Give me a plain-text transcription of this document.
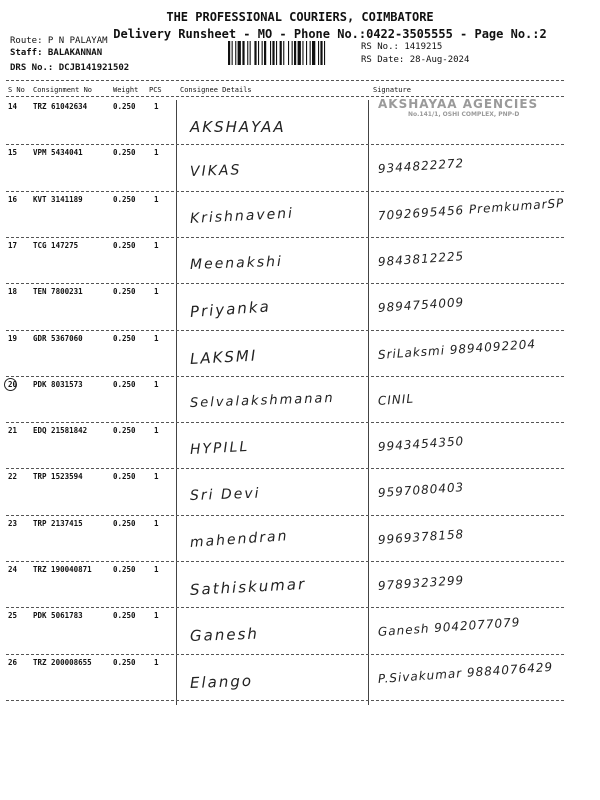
THE PROFESSIONAL COURIERS, COIMBATORE
Delivery Runsheet - MO - Phone No.:0422-3505555 - Page No.:2
Route: P N PALAYAM
Staff: BALAKANNAN
DRS No.: DCJB141921502
RS No.: 1419215
RS Date: 28-Aug-2024
S No Consignment No	Weight PCS	Consignee Details	Signature
14 TRZ 61042634	0.250 1
AKSHAYAA
15 VPM 5434041	0.250 1
VIKAS	9344822272
16 KVT 3141189	0.250 1
Krishnaveni	7092695456 PremkumarSP
17 TCG 147275	0.250 1
Meenakshi	9843812225
18 TEN 7800231	0.250 1
Priyanka	9894754009
19 GDR 5367060	0.250 1
LAKSMI	SriLaksmi 9894092204
20 PDK 8031573	0.250 1
Selvalakshmanan	CINIL
21 EDQ 21581842	0.250 1
HYPILL	9943454350
22 TRP 1523594	0.250 1
Sri Devi	9597080403
23 TRP 2137415	0.250 1
mahendran	9969378158
24 TRZ 190040871	0.250 1
Sathiskumar	9789323299
25 PDK 5061783	0.250 1
Ganesh	Ganesh 9042077079
26 TRZ 200008655	0.250 1
Elango	P.Sivakumar 9884076429
AKSHAYAA AGENCIES
No.141/1, OSHI COMPLEX, PNP-D
